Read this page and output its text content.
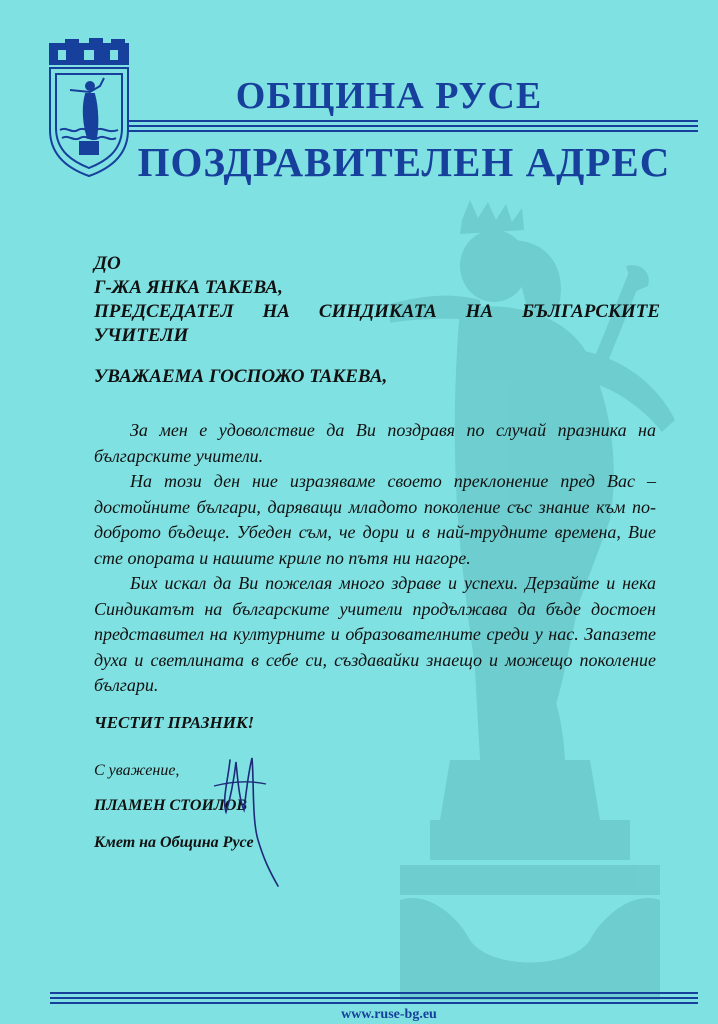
ОБЩИНА РУСЕ
ПОЗДРАВИТЕЛЕН АДРЕС
ДО
Г-ЖА ЯНКА ТАКЕВА,
ПРЕДСЕДАТЕЛ НА СИНДИКАТА НА БЪЛГАРСКИТЕ
УЧИТЕЛИ
УВАЖАЕМА ГОСПОЖО ТАКЕВА,

За мен е удоволствие да Ви поздравя по случай празника на българските учители.

На този ден ние изразяваме своето преклонение пред Вас – достойните българи, даряващи младото поколение със знание към по-доброто бъдеще. Убеден съм, че дори и в най-трудните времена, Вие сте опората и нашите криле по пътя ни нагоре.

Бих искал да Ви пожелая много здраве и успехи. Дерзайте и нека Синдикатът на българските учители продължава да бъде достоен представител на културните и образователните среди у нас. Запазете духа и светлината в себе си, създавайки знаещо и можещо поколение българи.

ЧЕСТИТ ПРАЗНИК!
С уважение,
ПЛАМЕН СТОИЛОВ
Кмет на Община Русе
www.ruse-bg.eu
